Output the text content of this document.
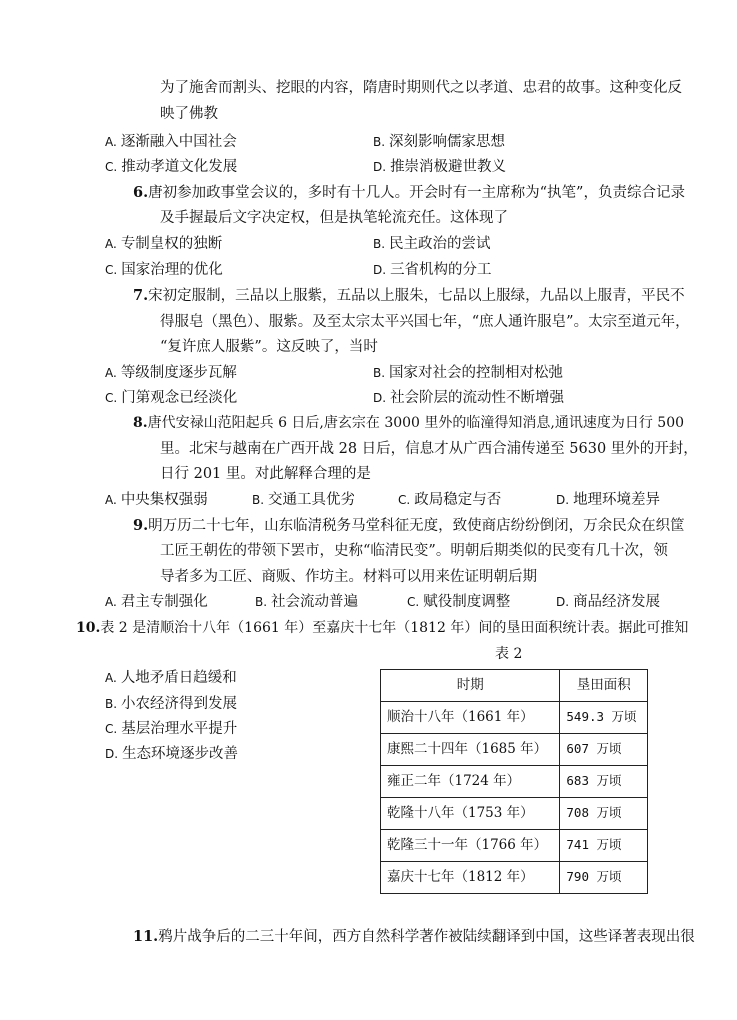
为了施舍而割头、挖眼的内容，隋唐时期则代之以孝道、忠君的故事。这种变化反
映了佛教
A. 逐渐融入中国社会	B. 深刻影响儒家思想
C. 推动孝道文化发展	D. 推崇消极避世教义
6.唐初参加政事堂会议的，多时有十几人。开会时有一主席称为“执笔”，负责综合记录
及手握最后文字决定权，但是执笔轮流充任。这体现了
A. 专制皇权的独断	B. 民主政治的尝试
C. 国家治理的优化	D. 三省机构的分工
7.宋初定服制，三品以上服紫，五品以上服朱，七品以上服绿，九品以上服青，平民不
得服皂（黑色）、服紫。及至太宗太平兴国七年，“庶人通许服皂”。太宗至道元年，
“复许庶人服紫”。这反映了，当时
A. 等级制度逐步瓦解	B. 国家对社会的控制相对松弛
C. 门第观念已经淡化	D. 社会阶层的流动性不断增强
8.唐代安禄山范阳起兵 6 日后,唐玄宗在 3000 里外的临潼得知消息,通讯速度为日行 500
里。北宋与越南在广西开战 28 日后，信息才从广西合浦传递至 5630 里外的开封，
日行 201 里。对此解释合理的是
A. 中央集权强弱	B. 交通工具优劣	C. 政局稳定与否	D. 地理环境差异
9.明万历二十七年，山东临清税务马堂科征无度，致使商店纷纷倒闭，万余民众在织筐
工匠王朝佐的带领下罢市，史称“临清民变”。明朝后期类似的民变有几十次，领
导者多为工匠、商贩、作坊主。材料可以用来佐证明朝后期
A. 君主专制强化	B. 社会流动普遍	C. 赋役制度调整	D. 商品经济发展
10.表 2 是清顺治十八年（1661 年）至嘉庆十七年（1812 年）间的垦田面积统计表。据此可推知
A. 人地矛盾日趋缓和
B. 小农经济得到发展
C. 基层治理水平提升
D. 生态环境逐步改善
表 2
时期	垦田面积
顺治十八年（1661 年）	549.3 万顷
康熙二十四年（1685 年）	607 万顷
雍正二年（1724 年）	683 万顷
乾隆十八年（1753 年）	708 万顷
乾隆三十一年（1766 年）	741 万顷
嘉庆十七年（1812 年）	790 万顷
11.鸦片战争后的二三十年间，西方自然科学著作被陆续翻译到中国，这些译著表现出很
